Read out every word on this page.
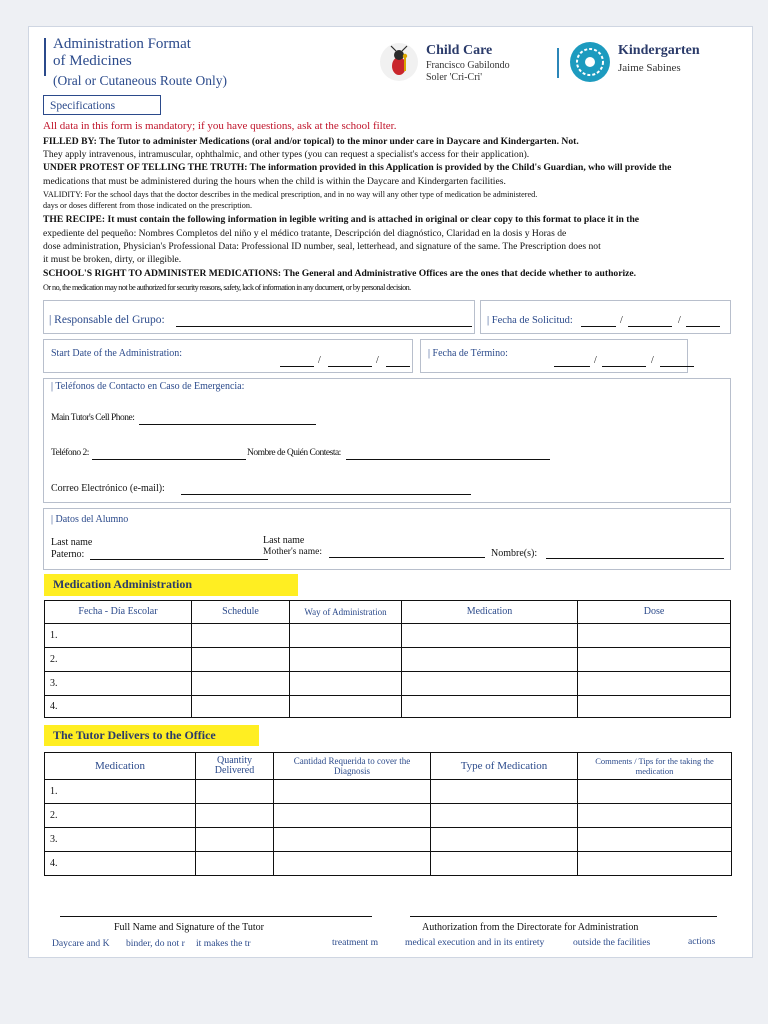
Administration Format
of Medicines
(Oral or Cutaneous Route Only)
Child Care
Francisco Gabilondo
Soler 'Cri-Cri'
Kindergarten
Jaime Sabines
Specifications
All data in this form is mandatory; if you have questions, ask at the school filter.
FILLED BY: The Tutor to administer Medications (oral and/or topical) to the minor under care in Daycare and Kindergarten. Not.
They apply intravenous, intramuscular, ophthalmic, and other types (you can request a specialist's access for their application).
UNDER PROTEST OF TELLING THE TRUTH: The information provided in this Application is provided by the Child's Guardian, who will provide the
medications that must be administered during the hours when the child is within the Daycare and Kindergarten facilities.
VALIDITY: For the school days that the doctor describes in the medical prescription, and in no way will any other type of medication be administered.
days or doses different from those indicated on the prescription.
THE RECIPE: It must contain the following information in legible writing and is attached in original or clear copy to this format to place it in the
expediente del pequeño: Nombres Completos del niño y el médico tratante, Descripción del diagnóstico, Claridad en la dosis y Horas de
dose administration, Physician's Professional Data: Professional ID number, seal, letterhead, and signature of the same. The Prescription does not
it must be broken, dirty, or illegible.
SCHOOL'S RIGHT TO ADMINISTER MEDICATIONS: The General and Administrative Offices are the ones that decide whether to authorize.
Or no, the medication may not be authorized for security reasons, safety, lack of information in any document, or by personal decision.
| Responsable del Grupo:	| Fecha de Solicitud:	/	/
Start Date of the Administration:
/	/
| Fecha de Término:
/	/
| Teléfonos de Contacto en Caso de Emergencia:
Main Tutor's Cell Phone:
Teléfono 2:	Nombre de Quién Contesta:
Correo Electrónico (e-mail):
| Datos del Alumno
Last name
Paterno:
Last name
Mother's name:	Nombre(s):
Medication Administration
Fecha - Día Escolar	Schedule	Way of Administration	Medication	Dose
1.				
2.				
3.				
4.				
The Tutor Delivers to the Office
Medication	Quantity Delivered	Cantidad Requerida to cover the Diagnosis	Type of Medication	Comments / Tips for the taking the medication
1.				
2.				
3.				
4.				
Full Name and Signature of the Tutor	Authorization from the Directorate for Administration
Daycare and K binder, do not r it makes the tr	treatment m	medical execution and in its entirety	outside the facilities	actions
